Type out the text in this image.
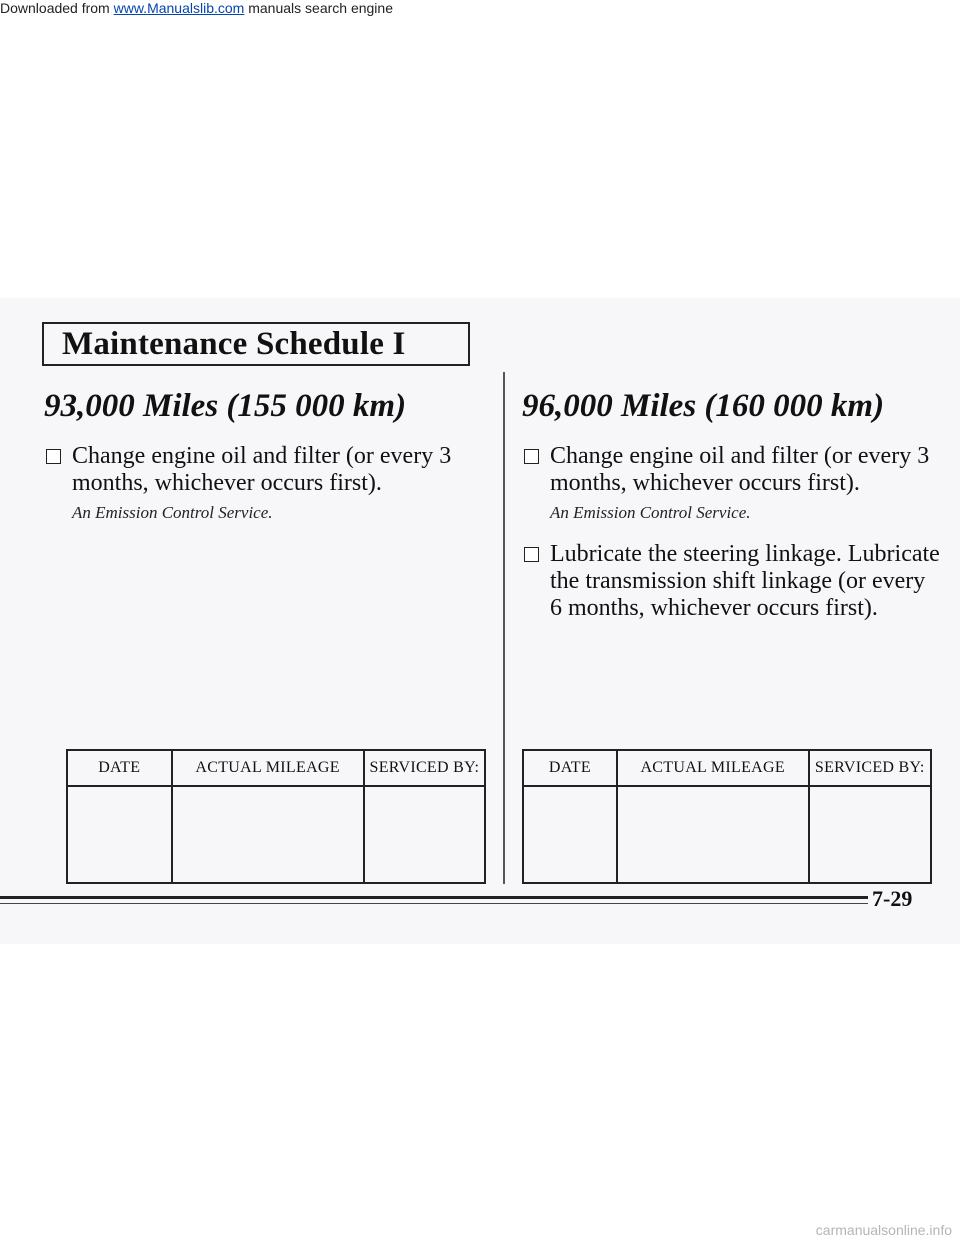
Downloaded from www.Manualslib.com manuals search engine
Maintenance Schedule I
93,000 Miles (155 000 km)
Change engine oil and filter (or every 3 months, whichever occurs first).
An Emission Control Service.
96,000 Miles (160 000 km)
Change engine oil and filter (or every 3 months, whichever occurs first).
An Emission Control Service.
Lubricate the steering linkage. Lubricate the transmission shift linkage (or every 6 months, whichever occurs first).
DATE	ACTUAL MILEAGE	SERVICED BY:
			DATE	ACTUAL MILEAGE	SERVICED BY:

7-29
carmanualsonline.info
